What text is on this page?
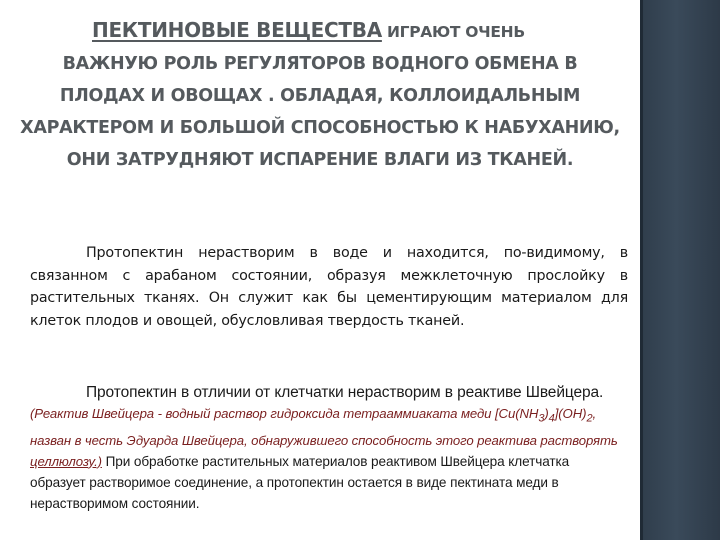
ПЕКТИНОВЫЕ ВЕЩЕСТВА ИГРАЮТ ОЧЕНЬ
ВАЖНУЮ РОЛЬ РЕГУЛЯТОРОВ ВОДНОГО ОБМЕНА В
ПЛОДАХ И ОВОЩАХ . ОБЛАДАЯ, КОЛЛОИДАЛЬНЫМ
ХАРАКТЕРОМ И БОЛЬШОЙ СПОСОБНОСТЬЮ К НАБУХАНИЮ,
ОНИ ЗАТРУДНЯЮТ ИСПАРЕНИЕ ВЛАГИ ИЗ ТКАНЕЙ.
Протопектин нерастворим в воде и находится, по-видимому, в связанном с арабаном состоянии, образуя межклеточную прослойку в растительных тканях. Он служит как бы цементирующим материалом для клеток плодов и овощей, обусловливая твердость тканей.
Протопектин в отличии от клетчатки нерастворим в реактиве Швейцера.(Реактив Швейцера - водный раствор гидроксида тетрааммиаката меди $[Cu(NH_3)_4](OH)_2$, назван в честь Эдуарда Швейцера, обнаружившего способность этого реактива растворять целлюлозу.) При обработке растительных материалов реактивом Швейцера клетчатка образует растворимое соединение, а протопектин остается в виде пектината меди в нерастворимом состоянии.
